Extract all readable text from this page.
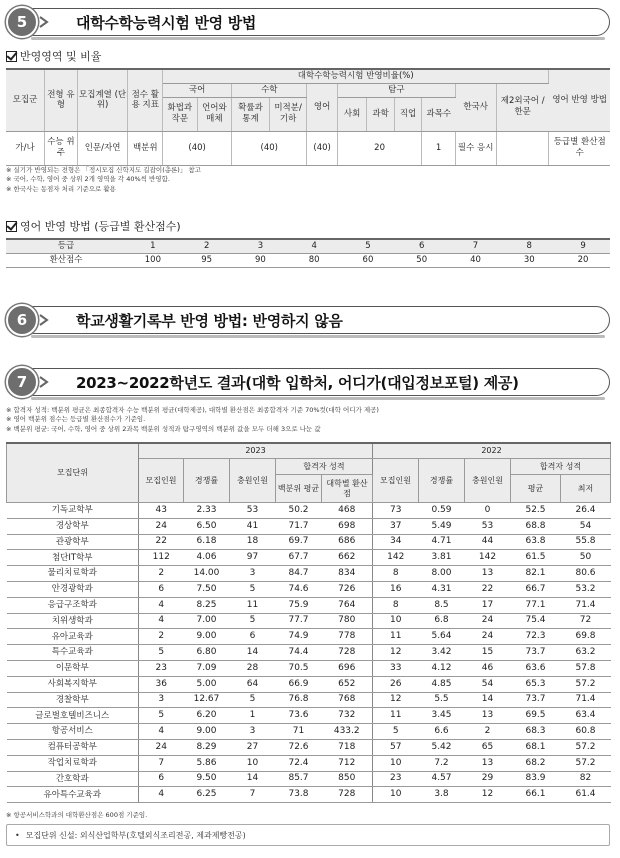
5	대학수학능력시험 반영 방법
반영영역 및 비율
모집군	전형 유형	모집계열 (단위)	점수 활용 지표	대학수학능력시험 반영비율(%)											영어 반영 방법
				국어		수학		영어	탐구				한국사	제2외국어 /한문	
				화법과 작문	언어와 매체	확률과 통계	미적분/ 기하		사회	과학	직업	과목수			
가/나	수능 위주	인문/자연	백분위	(40)		(40)		(40)	20			1	필수 응시		등급별 환산점수
※ 실기가 반영되는 전형은 「정시모집 신학지도 길잡이(총론)」 참고
※ 국어, 수학, 영어 중 상위 2개 영역을 각 40%씩 반영함.
※ 한국사는 동점자 처리 기준으로 활용
영어 반영 방법 (등급별 환산점수)
등급	1	2	3	4	5	6	7	8	9
환산점수	100	95	90	80	60	50	40	30	20
6	학교생활기록부 반영 방법: 반영하지 않음
7	2023~2022학년도 결과(대학 입학처, 어디가(대입정보포털) 제공)
※ 합격자 성적: 백분위 평균은 최종합격자 수능 백분위 평균(대학제공), 대학별 환산점은 최종합격자 기준 70%컷(대학 어디가 제공)
※ 영어 백분위 점수는 등급별 환산점수가 기준임.
※ 백분위 평균: 국어, 수학, 영어 중 상위 2과목 백분위 성적과 탐구영역의 백분위 값을 모두 더해 3으로 나눈 값
모집단위	2023					2022				
	모집인원	경쟁률	충원인원	합격자 성적		모집인원	경쟁률	충원인원	합격자 성적	
				백분위 평균	대학별 환산점				평균	최저
기독교학부	43	2.33	53	50.2	468	73	0.59	0	52.5	26.4
경상학부	24	6.50	41	71.7	698	37	5.49	53	68.8	54
관광학부	22	6.18	18	69.7	686	34	4.71	44	63.8	55.8
첨단IT학부	112	4.06	97	67.7	662	142	3.81	142	61.5	50
물리치료학과	2	14.00	3	84.7	834	8	8.00	13	82.1	80.6
안경광학과	6	7.50	5	74.6	726	16	4.31	22	66.7	53.2
응급구조학과	4	8.25	11	75.9	764	8	8.5	17	77.1	71.4
치위생학과	4	7.00	5	77.7	780	10	6.8	24	75.4	72
유아교육과	2	9.00	6	74.9	778	11	5.64	24	72.3	69.8
특수교육과	5	6.80	14	74.4	728	12	3.42	15	73.7	63.2
이문학부	23	7.09	28	70.5	696	33	4.12	46	63.6	57.8
사회복지학부	36	5.00	64	66.9	652	26	4.85	54	65.3	57.2
경찰학부	3	12.67	5	76.8	768	12	5.5	14	73.7	71.4
글로벌호텔비즈니스	5	6.20	1	73.6	732	11	3.45	13	69.5	63.4
항공서비스	4	9.00	3	71	433.2	5	6.6	2	68.3	60.8
컴퓨터공학부	24	8.29	27	72.6	718	57	5.42	65	68.1	57.2
작업치료학과	7	5.86	10	72.4	712	10	7.2	13	68.2	57.2
간호학과	6	9.50	14	85.7	850	23	4.57	29	83.9	82
유아특수교육과	4	6.25	7	73.8	728	10	3.8	12	66.1	61.4
※ 항공서비스학과의 대학환산점은 600점 기준임.
• 모집단위 신설: 외식산업학부(호텔외식조리전공, 제과제빵전공)
